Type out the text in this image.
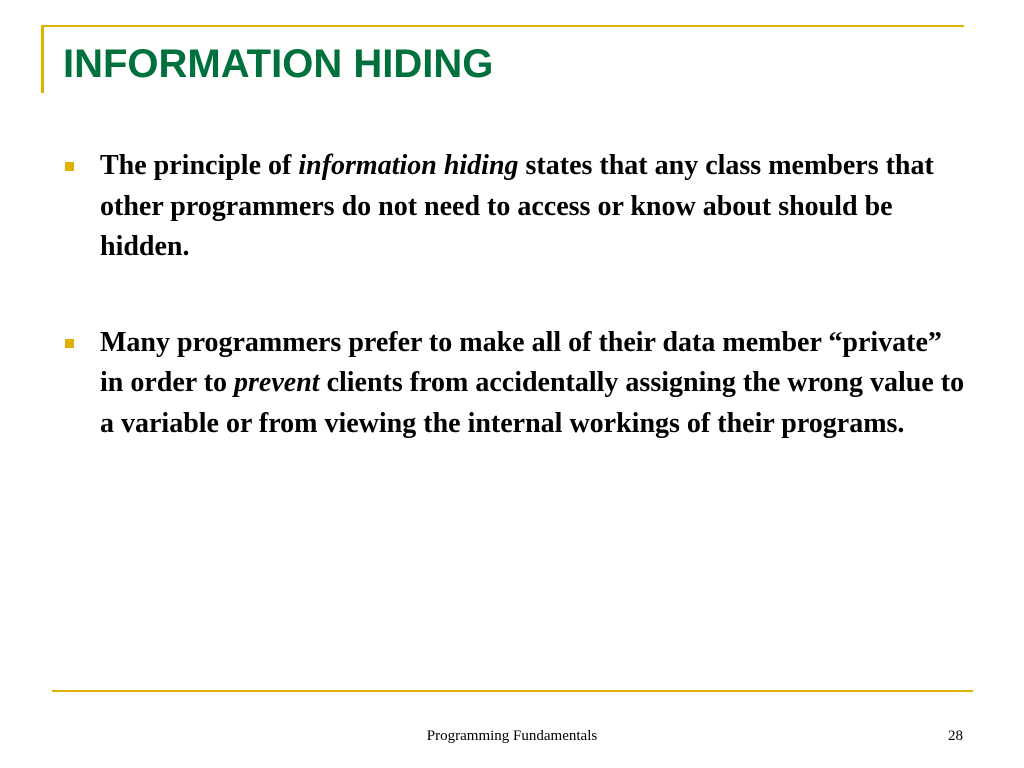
INFORMATION HIDING
The principle of information hiding states that any class members that other programmers do not need to access or know about should be hidden.
Many programmers prefer to make all of their data member “private” in order to prevent clients from accidentally assigning the wrong value to a variable or from viewing the internal workings of their programs.
Programming Fundamentals	28
